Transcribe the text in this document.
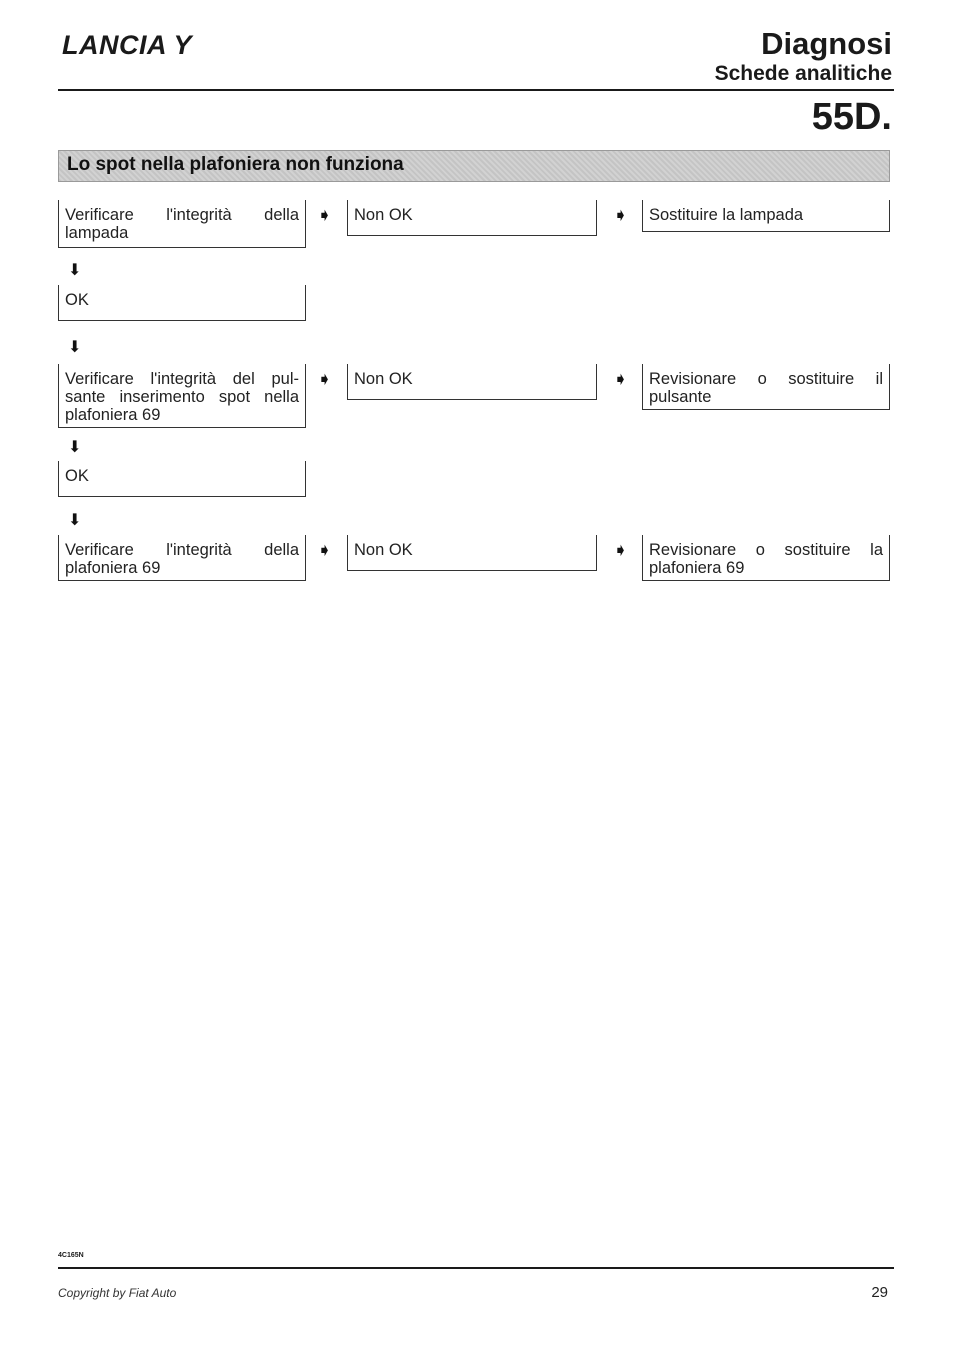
LANCIA Y	Diagnosi
Schede analitiche
55D.
Lo spot nella plafoniera non funziona
Verificare l'integrità della lampada
➧	Non OK	➧	Sostituire la lampada
⬇
OK
⬇
Verificare l'integrità del pul-sante inserimento spot nella plafoniera 69
➧	Non OK	➧	Revisionare o sostituire il pulsante
⬇
OK
⬇
Verificare l'integrità della plafoniera 69
➧	Non OK	➧	Revisionare o sostituire la plafoniera 69
4C165N
Copyright by Fiat Auto	29
